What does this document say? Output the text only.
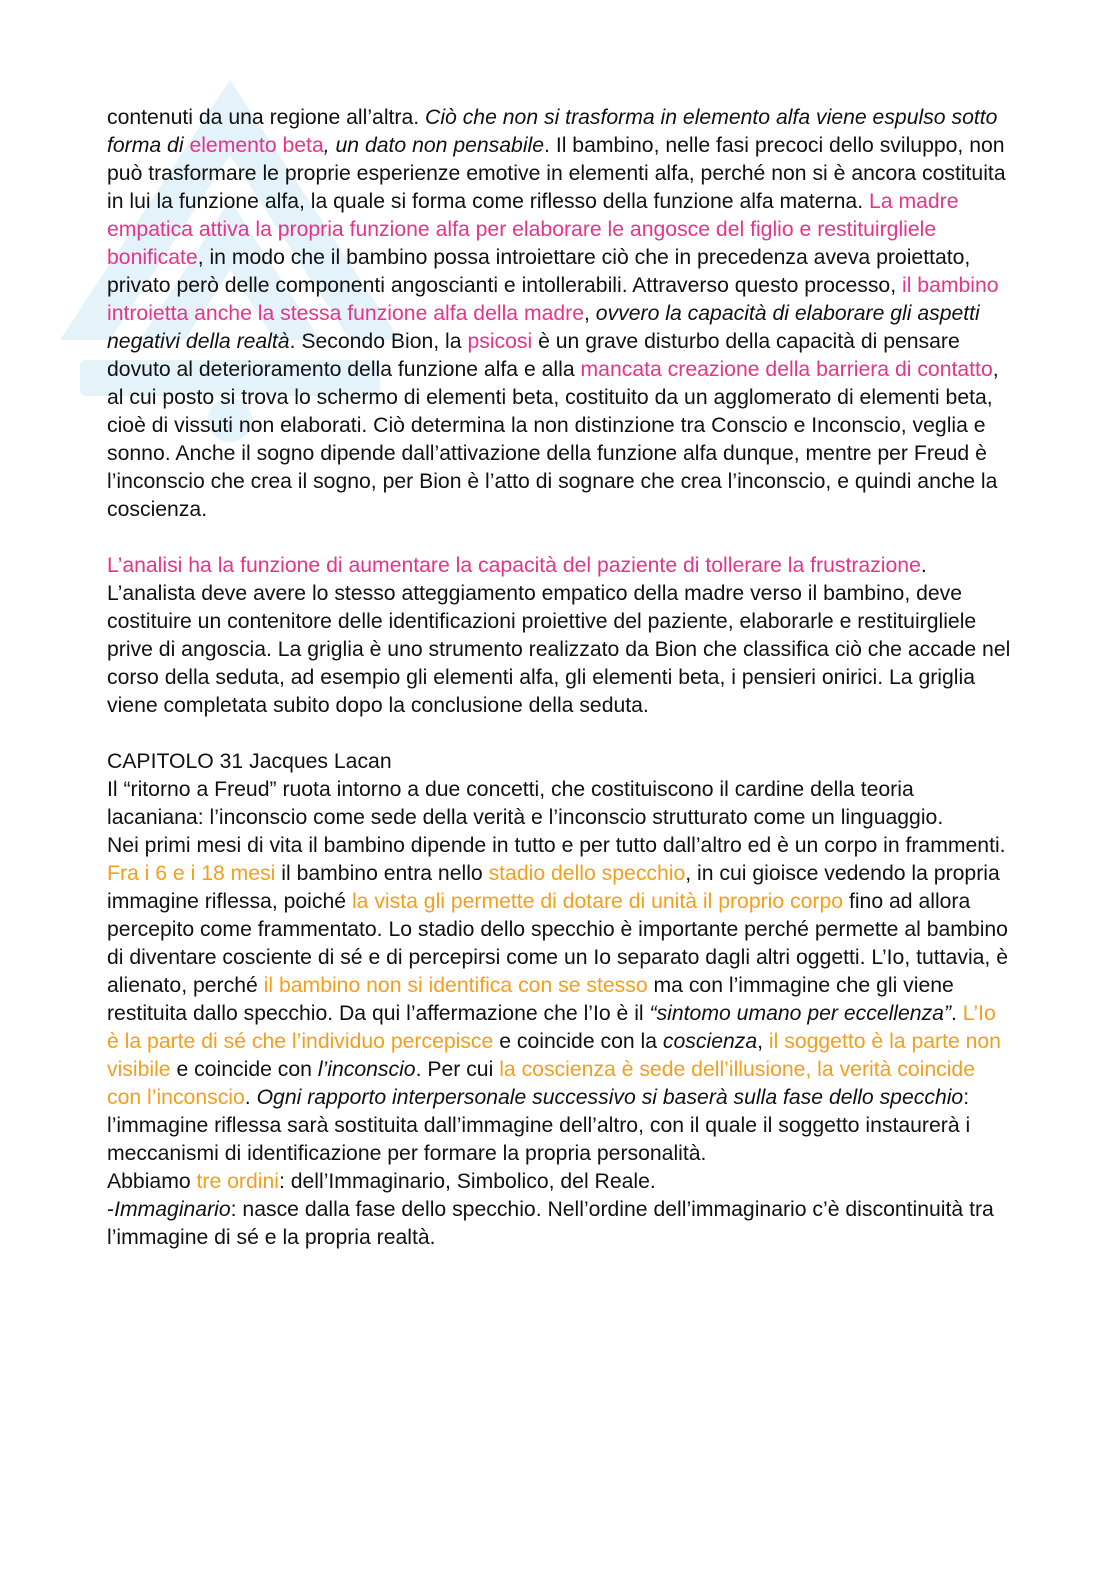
contenuti da una regione all’altra. Ciò che non si trasforma in elemento alfa viene espulso sotto forma di elemento beta, un dato non pensabile. Il bambino, nelle fasi precoci dello sviluppo, non può trasformare le proprie esperienze emotive in elementi alfa, perché non si è ancora costituita in lui la funzione alfa, la quale si forma come riflesso della funzione alfa materna. La madre empatica attiva la propria funzione alfa per elaborare le angosce del figlio e restituirgliele bonificate, in modo che il bambino possa introiettare ciò che in precedenza aveva proiettato, privato però delle componenti angoscianti e intollerabili. Attraverso questo processo, il bambino introietta anche la stessa funzione alfa della madre, ovvero la capacità di elaborare gli aspetti negativi della realtà. Secondo Bion, la psicosi è un grave disturbo della capacità di pensare dovuto al deterioramento della funzione alfa e alla mancata creazione della barriera di contatto, al cui posto si trova lo schermo di elementi beta, costituito da un agglomerato di elementi beta, cioè di vissuti non elaborati. Ciò determina la non distinzione tra Conscio e Inconscio, veglia e sonno. Anche il sogno dipende dall’attivazione della funzione alfa dunque, mentre per Freud è l’inconscio che crea il sogno, per Bion è l’atto di sognare che crea l’inconscio, e quindi anche la coscienza.

L’analisi ha la funzione di aumentare la capacità del paziente di tollerare la frustrazione. L’analista deve avere lo stesso atteggiamento empatico della madre verso il bambino, deve costituire un contenitore delle identificazioni proiettive del paziente, elaborarle e restituirgliele prive di angoscia. La griglia è uno strumento realizzato da Bion che classifica ciò che accade nel corso della seduta, ad esempio gli elementi alfa, gli elementi beta, i pensieri onirici. La griglia viene completata subito dopo la conclusione della seduta.

CAPITOLO 31 Jacques Lacan

Il “ritorno a Freud” ruota intorno a due concetti, che costituiscono il cardine della teoria lacaniana: l’inconscio come sede della verità e l’inconscio strutturato come un linguaggio.

Nei primi mesi di vita il bambino dipende in tutto e per tutto dall’altro ed è un corpo in frammenti. Fra i 6 e i 18 mesi il bambino entra nello stadio dello specchio, in cui gioisce vedendo la propria immagine riflessa, poiché la vista gli permette di dotare di unità il proprio corpo fino ad allora percepito come frammentato. Lo stadio dello specchio è importante perché permette al bambino di diventare cosciente di sé e di percepirsi come un Io separato dagli altri oggetti. L’Io, tuttavia, è alienato, perché il bambino non si identifica con se stesso ma con l’immagine che gli viene restituita dallo specchio. Da qui l’affermazione che l’Io è il “sintomo umano per eccellenza”. L’Io è la parte di sé che l’individuo percepisce e coincide con la coscienza, il soggetto è la parte non visibile e coincide con l’inconscio. Per cui la coscienza è sede dell’illusione, la verità coincide con l’inconscio. Ogni rapporto interpersonale successivo si baserà sulla fase dello specchio: l’immagine riflessa sarà sostituita dall’immagine dell’altro, con il quale il soggetto instaurerà i meccanismi di identificazione per formare la propria personalità.

Abbiamo tre ordini: dell’Immaginario, Simbolico, del Reale.

-Immaginario: nasce dalla fase dello specchio. Nell’ordine dell’immaginario c’è discontinuità tra l’immagine di sé e la propria realtà.
